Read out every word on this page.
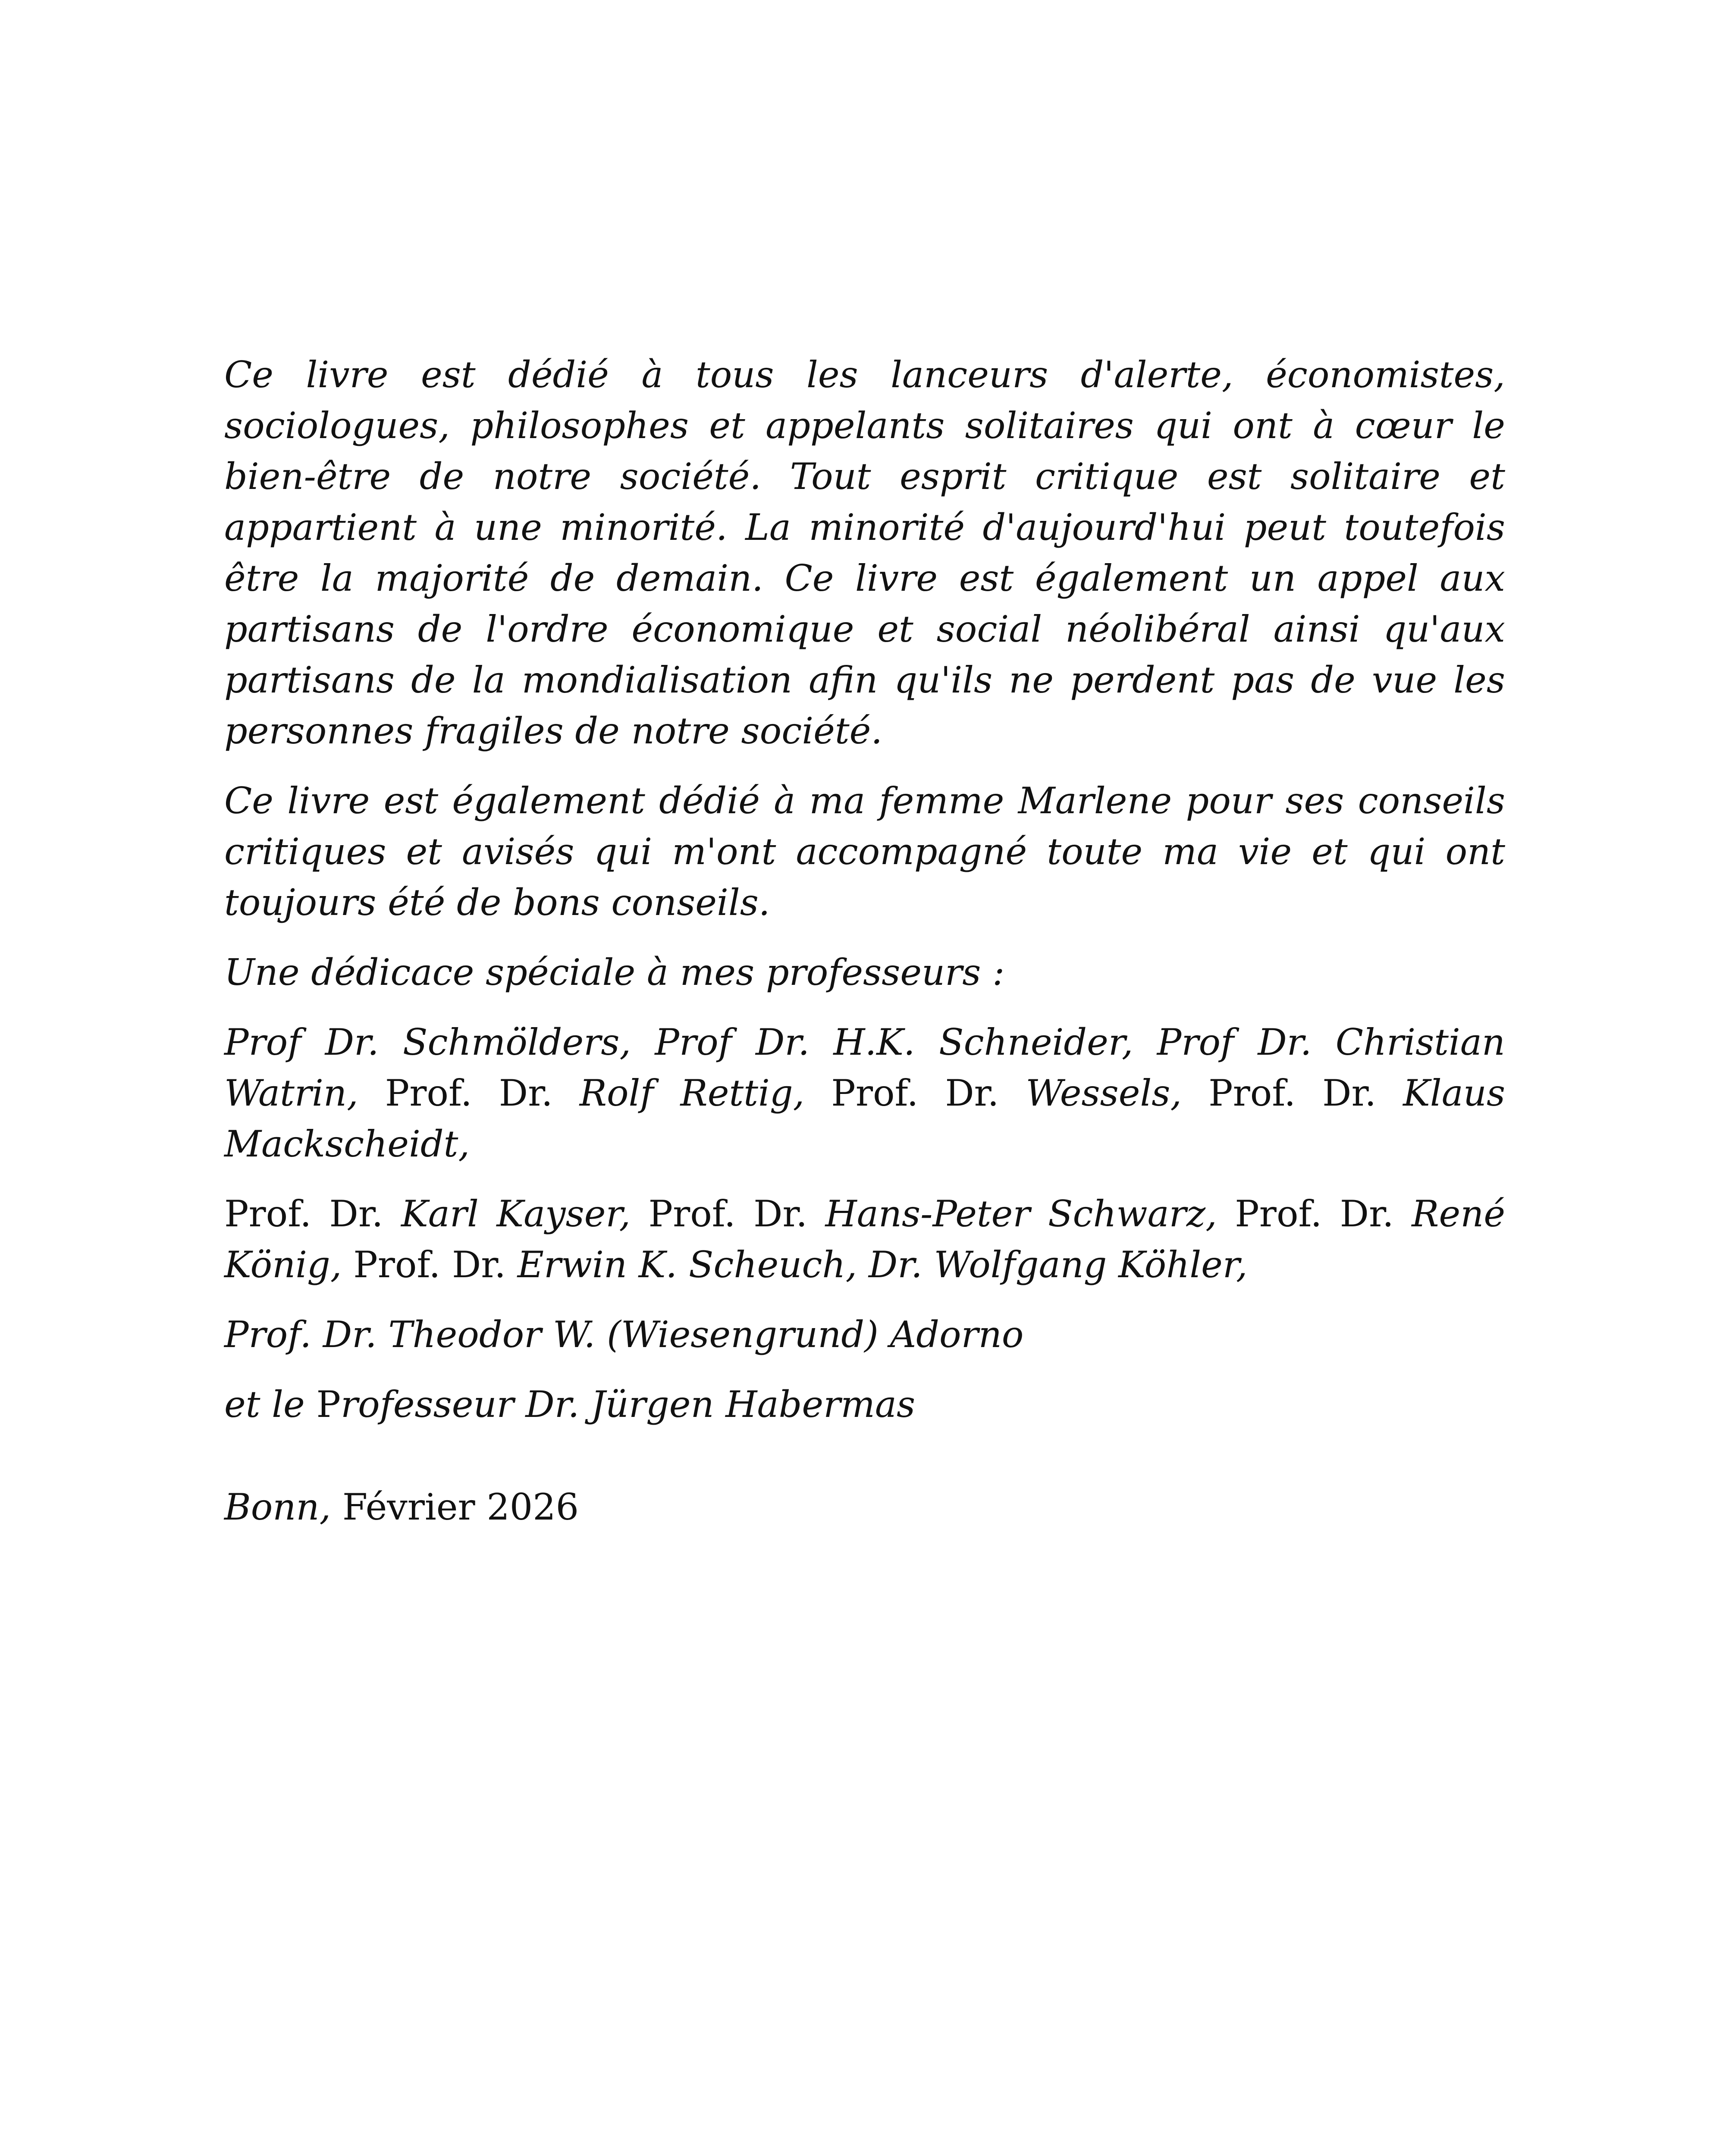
Ce livre est dédié à tous les lanceurs d'alerte, économistes, sociologues, philosophes et appelants solitaires qui ont à cœur le bien-être de notre société. Tout esprit critique est solitaire et appartient à une minorité. La minorité d'aujourd'hui peut toutefois être la majorité de demain. Ce livre est également un appel aux partisans de l'ordre économique et social néolibéral ainsi qu'aux partisans de la mondialisation afin qu'ils ne perdent pas de vue les personnes fragiles de notre société.

Ce livre est également dédié à ma femme Marlene pour ses conseils critiques et avisés qui m'ont accompagné toute ma vie et qui ont toujours été de bons conseils.

Une dédicace spéciale à mes professeurs :

Prof Dr. Schmölders, Prof Dr. H.K. Schneider, Prof Dr. Christian Watrin, Prof. Dr. Rolf Rettig, Prof. Dr. Wessels, Prof. Dr. Klaus Mackscheidt,

Prof. Dr. Karl Kayser, Prof. Dr. Hans-Peter Schwarz, Prof. Dr. René König, Prof. Dr. Erwin K. Scheuch, Dr. Wolfgang Köhler,

Prof. Dr. Theodor W. (Wiesengrund) Adorno

et le Professeur Dr. Jürgen Habermas

Bonn, Février 2026
